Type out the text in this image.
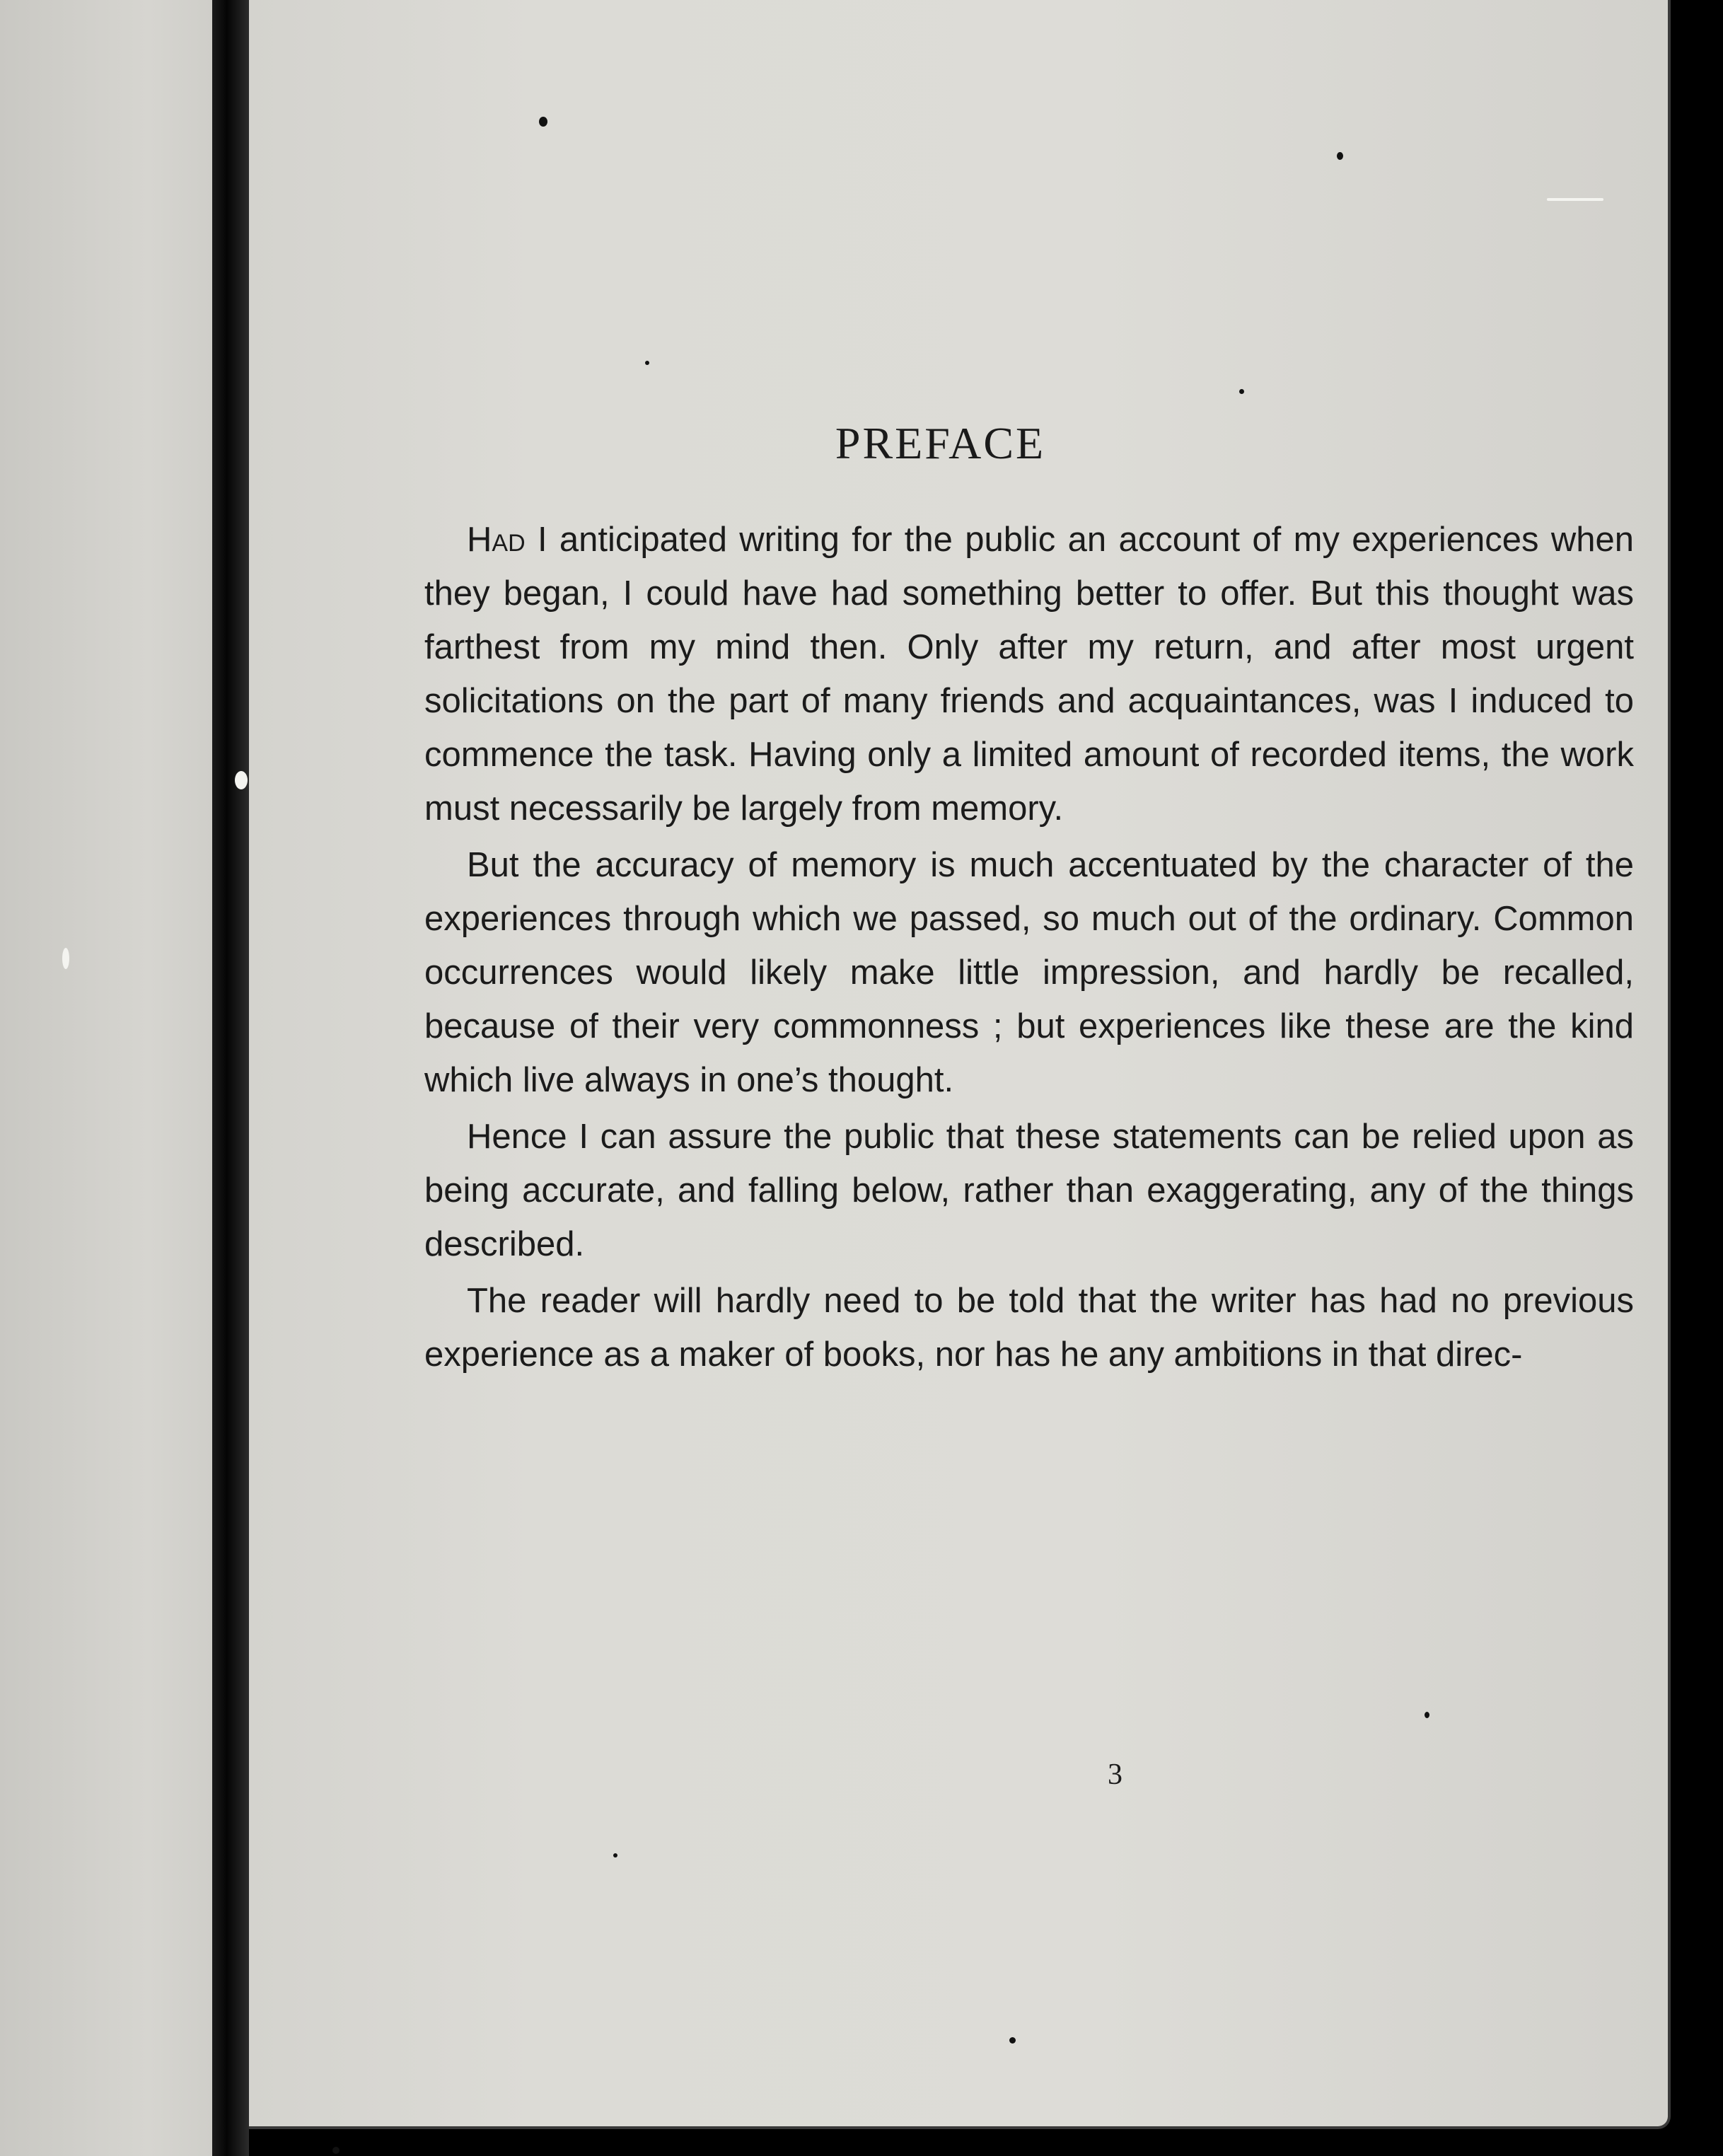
PREFACE

Had I anticipated writing for the public an account of my experiences when they began, I could have had something better to offer. But this thought was farthest from my mind then. Only after my return, and after most urgent solicitations on the part of many friends and acquaintances, was I induced to commence the task. Having only a limited amount of recorded items, the work must necessarily be largely from memory.

But the accuracy of memory is much accentuated by the character of the experiences through which we passed, so much out of the ordinary. Common occurrences would likely make little impression, and hardly be recalled, because of their very commonness ; but experiences like these are the kind which live always in one’s thought.

Hence I can assure the public that these statements can be relied upon as being accurate, and falling below, rather than exaggerating, any of the things described.

The reader will hardly need to be told that the writer has had no previous experience as a maker of books, nor has he any ambitions in that direc-

3
